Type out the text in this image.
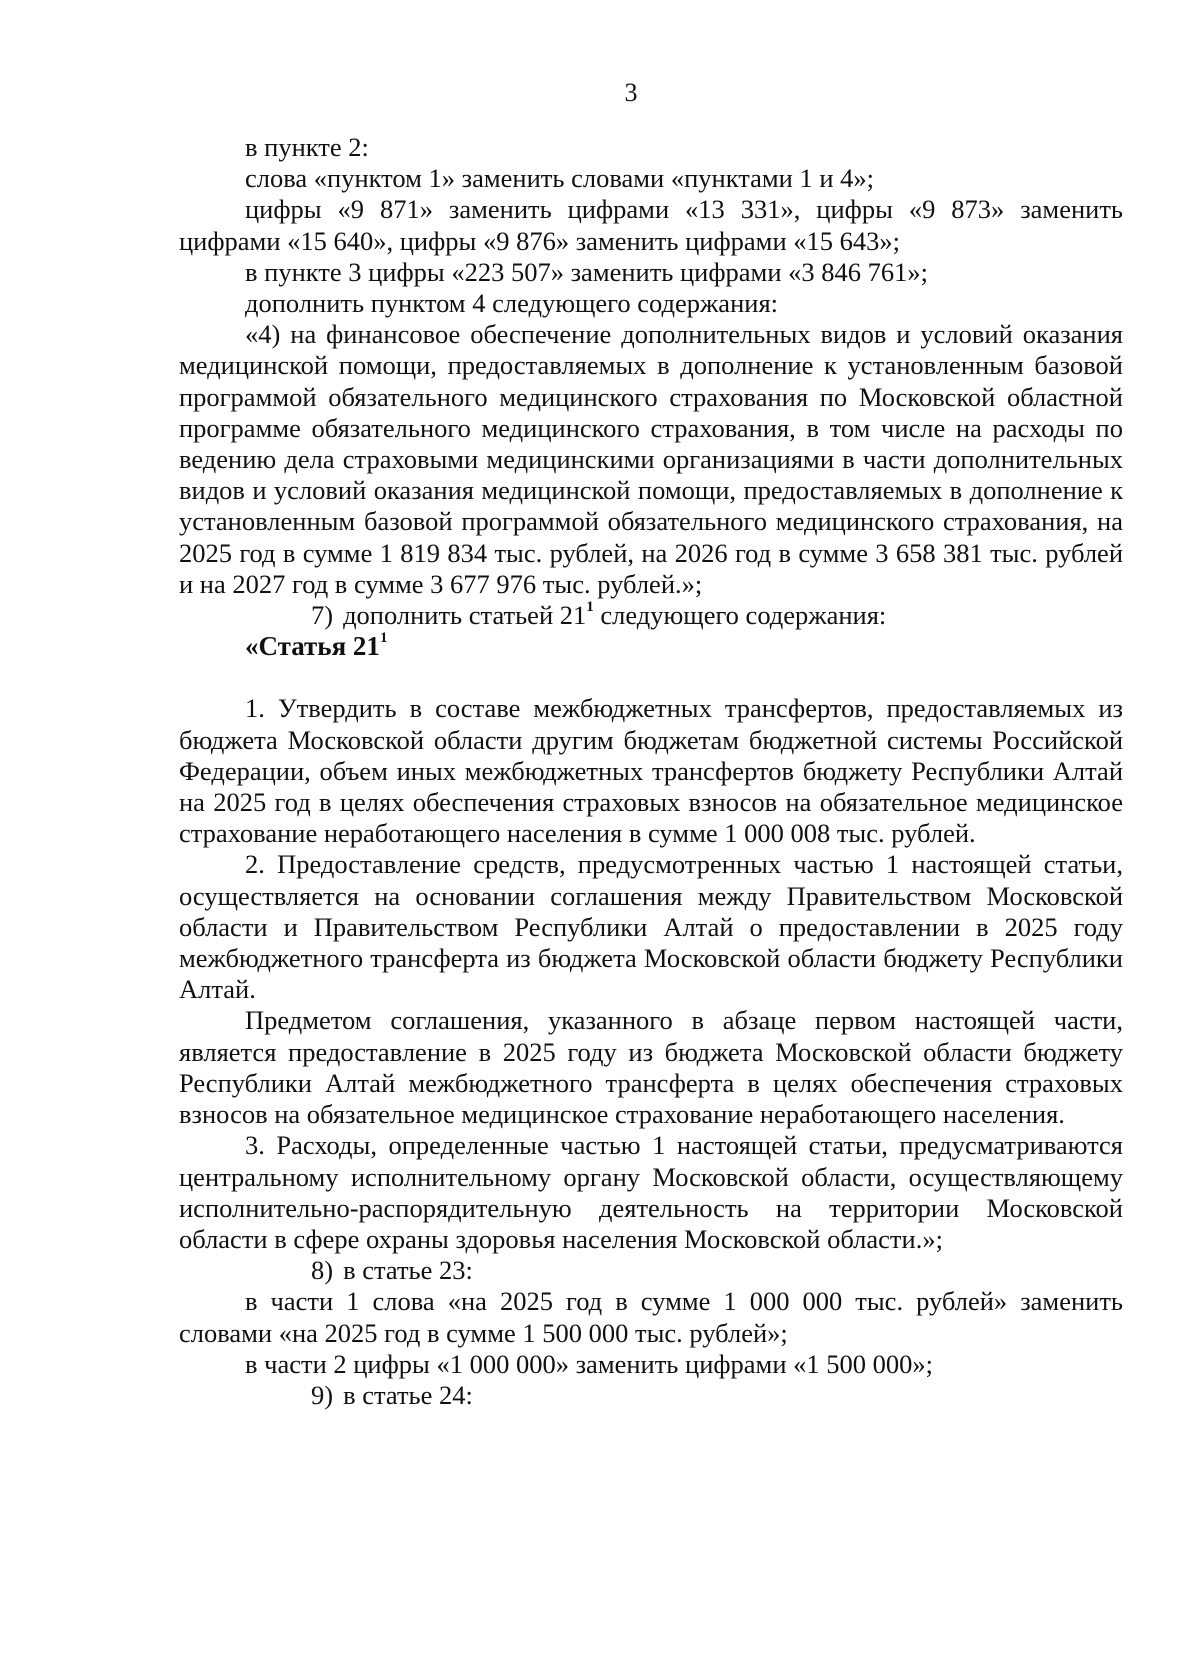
3

в пункте 2:

слова «пунктом 1» заменить словами «пунктами 1 и 4»;

цифры «9 871» заменить цифрами «13 331», цифры «9 873» заменить цифрами «15 640», цифры «9 876» заменить цифрами «15 643»;

в пункте 3 цифры «223 507» заменить цифрами «3 846 761»;

дополнить пунктом 4 следующего содержания:

«4) на финансовое обеспечение дополнительных видов и условий оказания медицинской помощи, предоставляемых в дополнение к установленным базовой программой обязательного медицинского страхования по Московской областной программе обязательного медицинского страхования, в том числе на расходы по ведению дела страховыми медицинскими организациями в части дополнительных видов и условий оказания медицинской помощи, предоставляемых в дополнение к установленным базовой программой обязательного медицинского страхования, на 2025 год в сумме 1 819 834 тыс. рублей, на 2026 год в сумме 3 658 381 тыс. рублей и на 2027 год в сумме 3 677 976 тыс. рублей.»;

7) дополнить статьей $21^1$ следующего содержания:

«Статья $21^1$

1. Утвердить в составе межбюджетных трансфертов, предоставляемых из бюджета Московской области другим бюджетам бюджетной системы Российской Федерации, объем иных межбюджетных трансфертов бюджету Республики Алтай на 2025 год в целях обеспечения страховых взносов на обязательное медицинское страхование неработающего населения в сумме 1 000 008 тыс. рублей.

2. Предоставление средств, предусмотренных частью 1 настоящей статьи, осуществляется на основании соглашения между Правительством Московской области и Правительством Республики Алтай о предоставлении в 2025 году межбюджетного трансферта из бюджета Московской области бюджету Республики Алтай.

Предметом соглашения, указанного в абзаце первом настоящей части, является предоставление в 2025 году из бюджета Московской области бюджету Республики Алтай межбюджетного трансферта в целях обеспечения страховых взносов на обязательное медицинское страхование неработающего населения.

3. Расходы, определенные частью 1 настоящей статьи, предусматриваются центральному исполнительному органу Московской области, осуществляющему исполнительно-распорядительную деятельность на территории Московской области в сфере охраны здоровья населения Московской области.»;

8) в статье 23:

в части 1 слова «на 2025 год в сумме 1 000 000 тыс. рублей» заменить словами «на 2025 год в сумме 1 500 000 тыс. рублей»;

в части 2 цифры «1 000 000» заменить цифрами «1 500 000»;

9) в статье 24:
